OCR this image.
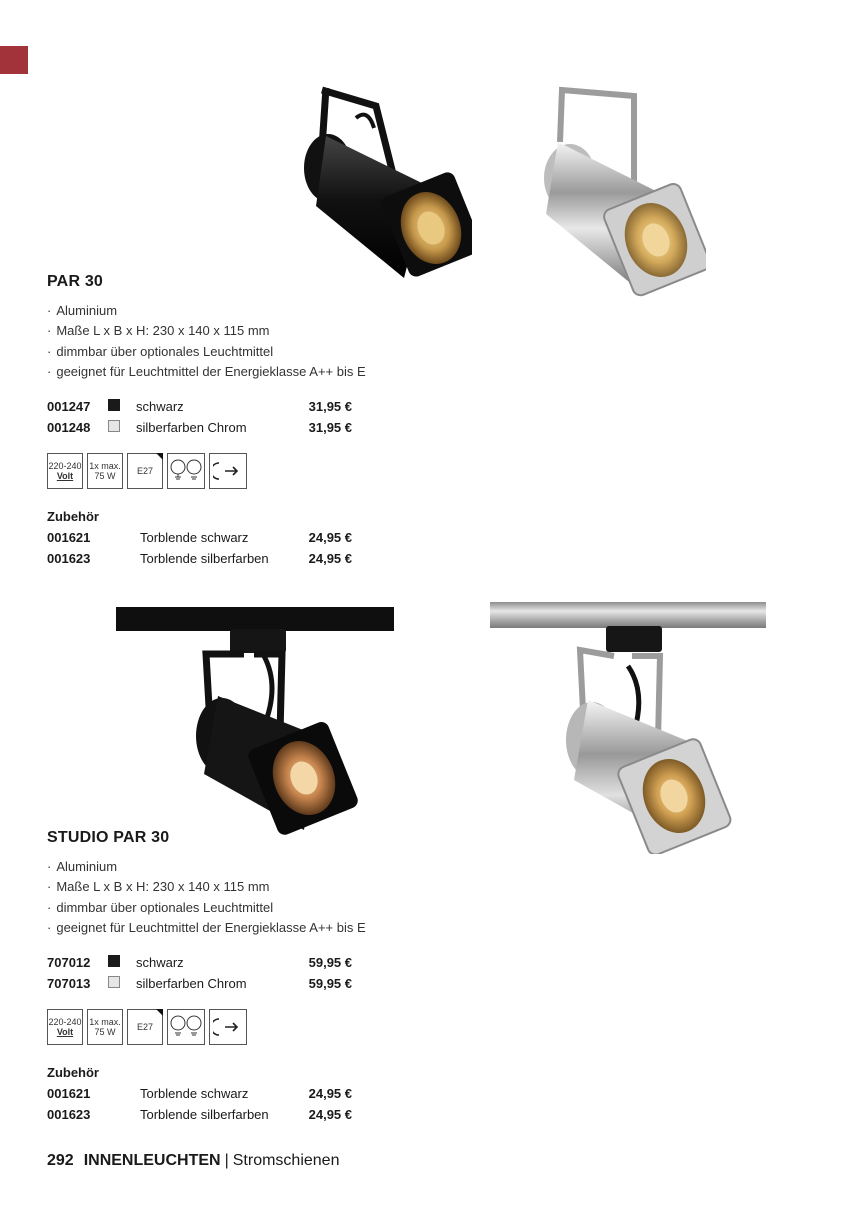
PAR 30
· Aluminium
· Maße L x B x H: 230 x 140 x 115 mm
· dimmbar über optionales Leuchtmittel
· geeignet für Leuchtmittel der Energieklasse A++ bis E
001247	schwarz	31,95 €
001248	silberfarben Chrom	31,95 €
220-240
Volt
1x max.
75 W E27
Zubehör
001621	Torblende schwarz	24,95 €
001623	Torblende silberfarben	24,95 €
STUDIO PAR 30
· Aluminium
· Maße L x B x H: 230 x 140 x 115 mm
· dimmbar über optionales Leuchtmittel
· geeignet für Leuchtmittel der Energieklasse A++ bis E
707012	schwarz	59,95 €
707013	silberfarben Chrom	59,95 €
220-240
Volt
1x max.
75 W E27
Zubehör
001621	Torblende schwarz	24,95 €
001623	Torblende silberfarben	24,95 €
292 INNENLEUCHTEN | Stromschienen
